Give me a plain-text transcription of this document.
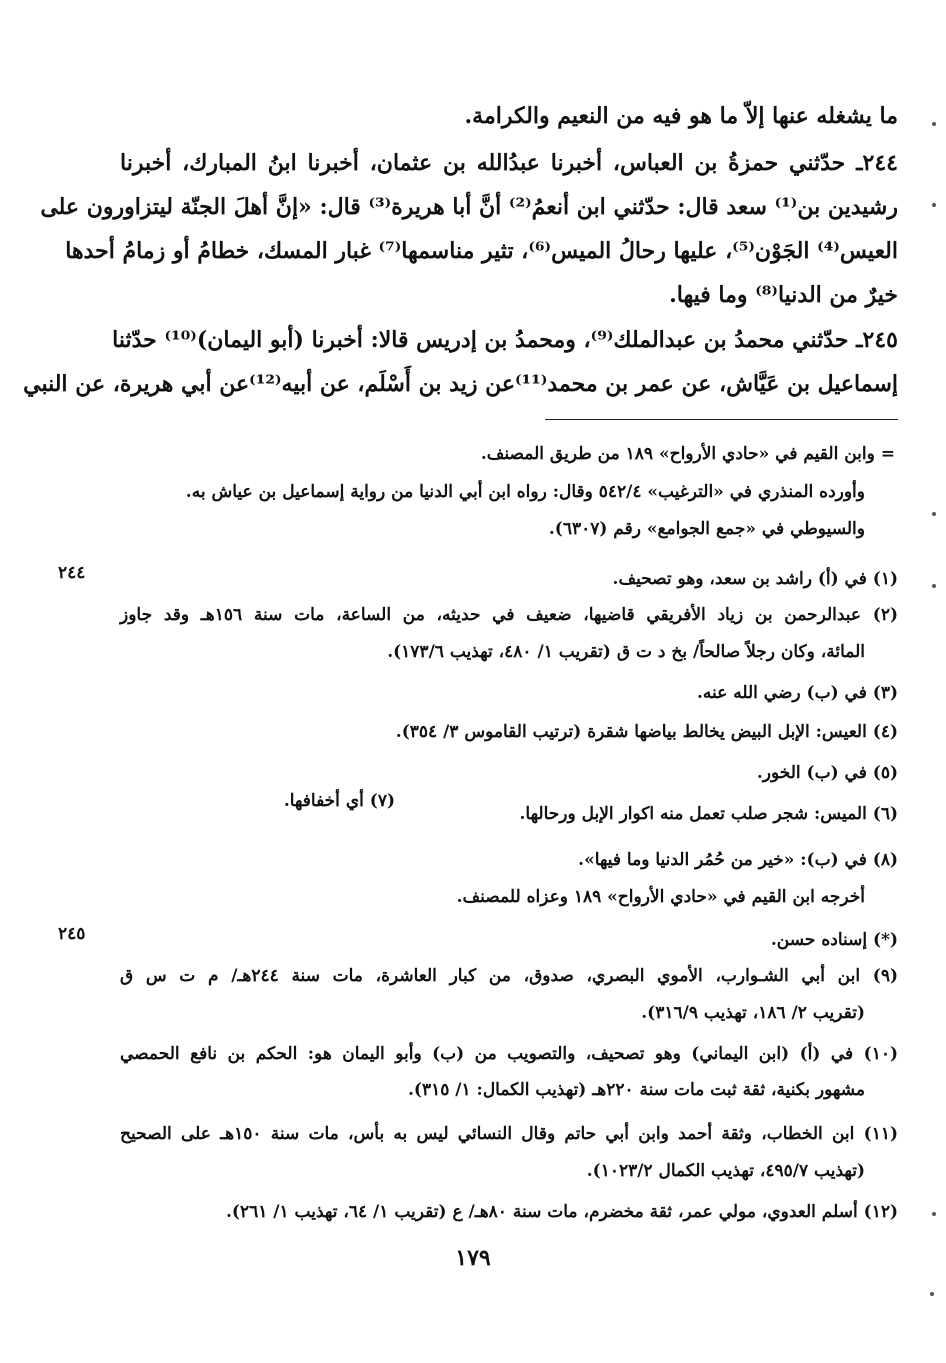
ما يشغله عنها إلاّ ما هو فيه من النعيم والكرامة.
٢٤٤ـ حدّثني حمزةُ بن العباس، أخبرنا عبدُالله بن عثمان، أخبرنا ابنُ المبارك، أخبرنا
رشيدين بن⁽¹⁾ سعد قال: حدّثني ابن أنعمُ⁽²⁾ أنَّ أبا هريرة⁽³⁾ قال: «إنَّ أهلَ الجنّة ليتزاورون على
العيس⁽⁴⁾ الجَوْن⁽⁵⁾، عليها رحالُ الميس⁽⁶⁾، تثير مناسمها⁽⁷⁾ غبار المسك، خطامُ أو زمامُ أحدها
خيرٌ من الدنيا⁽⁸⁾ وما فيها.
٢٤٥ـ حدّثني محمدُ بن عبدالملك⁽⁹⁾، ومحمدُ بن إدريس قالا: أخبرنا (أبو اليمان)⁽¹⁰⁾ حدّثنا
إسماعيل بن عَيَّاش، عن عمر بن محمد⁽¹¹⁾عن زيد بن أَسْلَم، عن أبيه⁽¹²⁾عن أبي هريرة، عن النبي
= وابن القيم في «حادي الأرواح» ١٨٩ من طريق المصنف.
وأورده المنذري في «الترغيب» ٥٤٢/٤ وقال: رواه ابن أبي الدنيا من رواية إسماعيل بن عياش به.
والسيوطي في «جمع الجوامع» رقم (٦٣٠٧).
(١) في (أ) راشد بن سعد، وهو تصحيف.
(٢) عبدالرحمن بن زياد الأفريقي قاضيها، ضعيف في حديثه، من الساعة، مات سنة ١٥٦هـ وقد جاوز
المائة، وكان رجلاً صالحاً/ بخ د ت ق (تقريب ١/ ٤٨٠، تهذيب ١٧٣/٦).
(٣) في (ب) رضي الله عنه.
(٤) العيس: الإبل البيض يخالط بياضها شقرة (ترتيب القاموس ٣/ ٣٥٤).
(٥) في (ب) الخور.
(٦) الميس: شجر صلب تعمل منه اكوار الإبل ورحالها.
(٧) أي أخفافها.
(٨) في (ب): «خير من حُمُر الدنيا وما فيها».
أخرجه ابن القيم في «حادي الأرواح» ١٨٩ وعزاه للمصنف.
(*) إسناده حسن.
(٩) ابن أبي الشـوارب، الأموي البصري، صدوق، من كبار العاشرة، مات سنة ٢٤٤هـ/ م ت س ق
(تقريب ٢/ ١٨٦، تهذيب ٣١٦/٩).
(١٠) في (أ) (ابن اليماني) وهو تصحيف، والتصويب من (ب) وأبو اليمان هو: الحكم بن نافع الحمصي
مشهور بكنية، ثقة ثبت مات سنة ٢٢٠هـ (تهذيب الكمال: ١/ ٣١٥).
(١١) ابن الخطاب، وثقة أحمد وابن أبي حاتم وقال النسائي ليس به بأس، مات سنة ١٥٠هـ على الصحيح
(تهذيب ٤٩٥/٧، تهذيب الكمال ١٠٢٣/٢).
(١٢) أسلم العدوي، مولي عمر، ثقة مخضرم، مات سنة ٨٠هـ/ ع (تقريب ١/ ٦٤، تهذيب ١/ ٢٦١).
٢٤٤
٢٤٥
١٧٩
